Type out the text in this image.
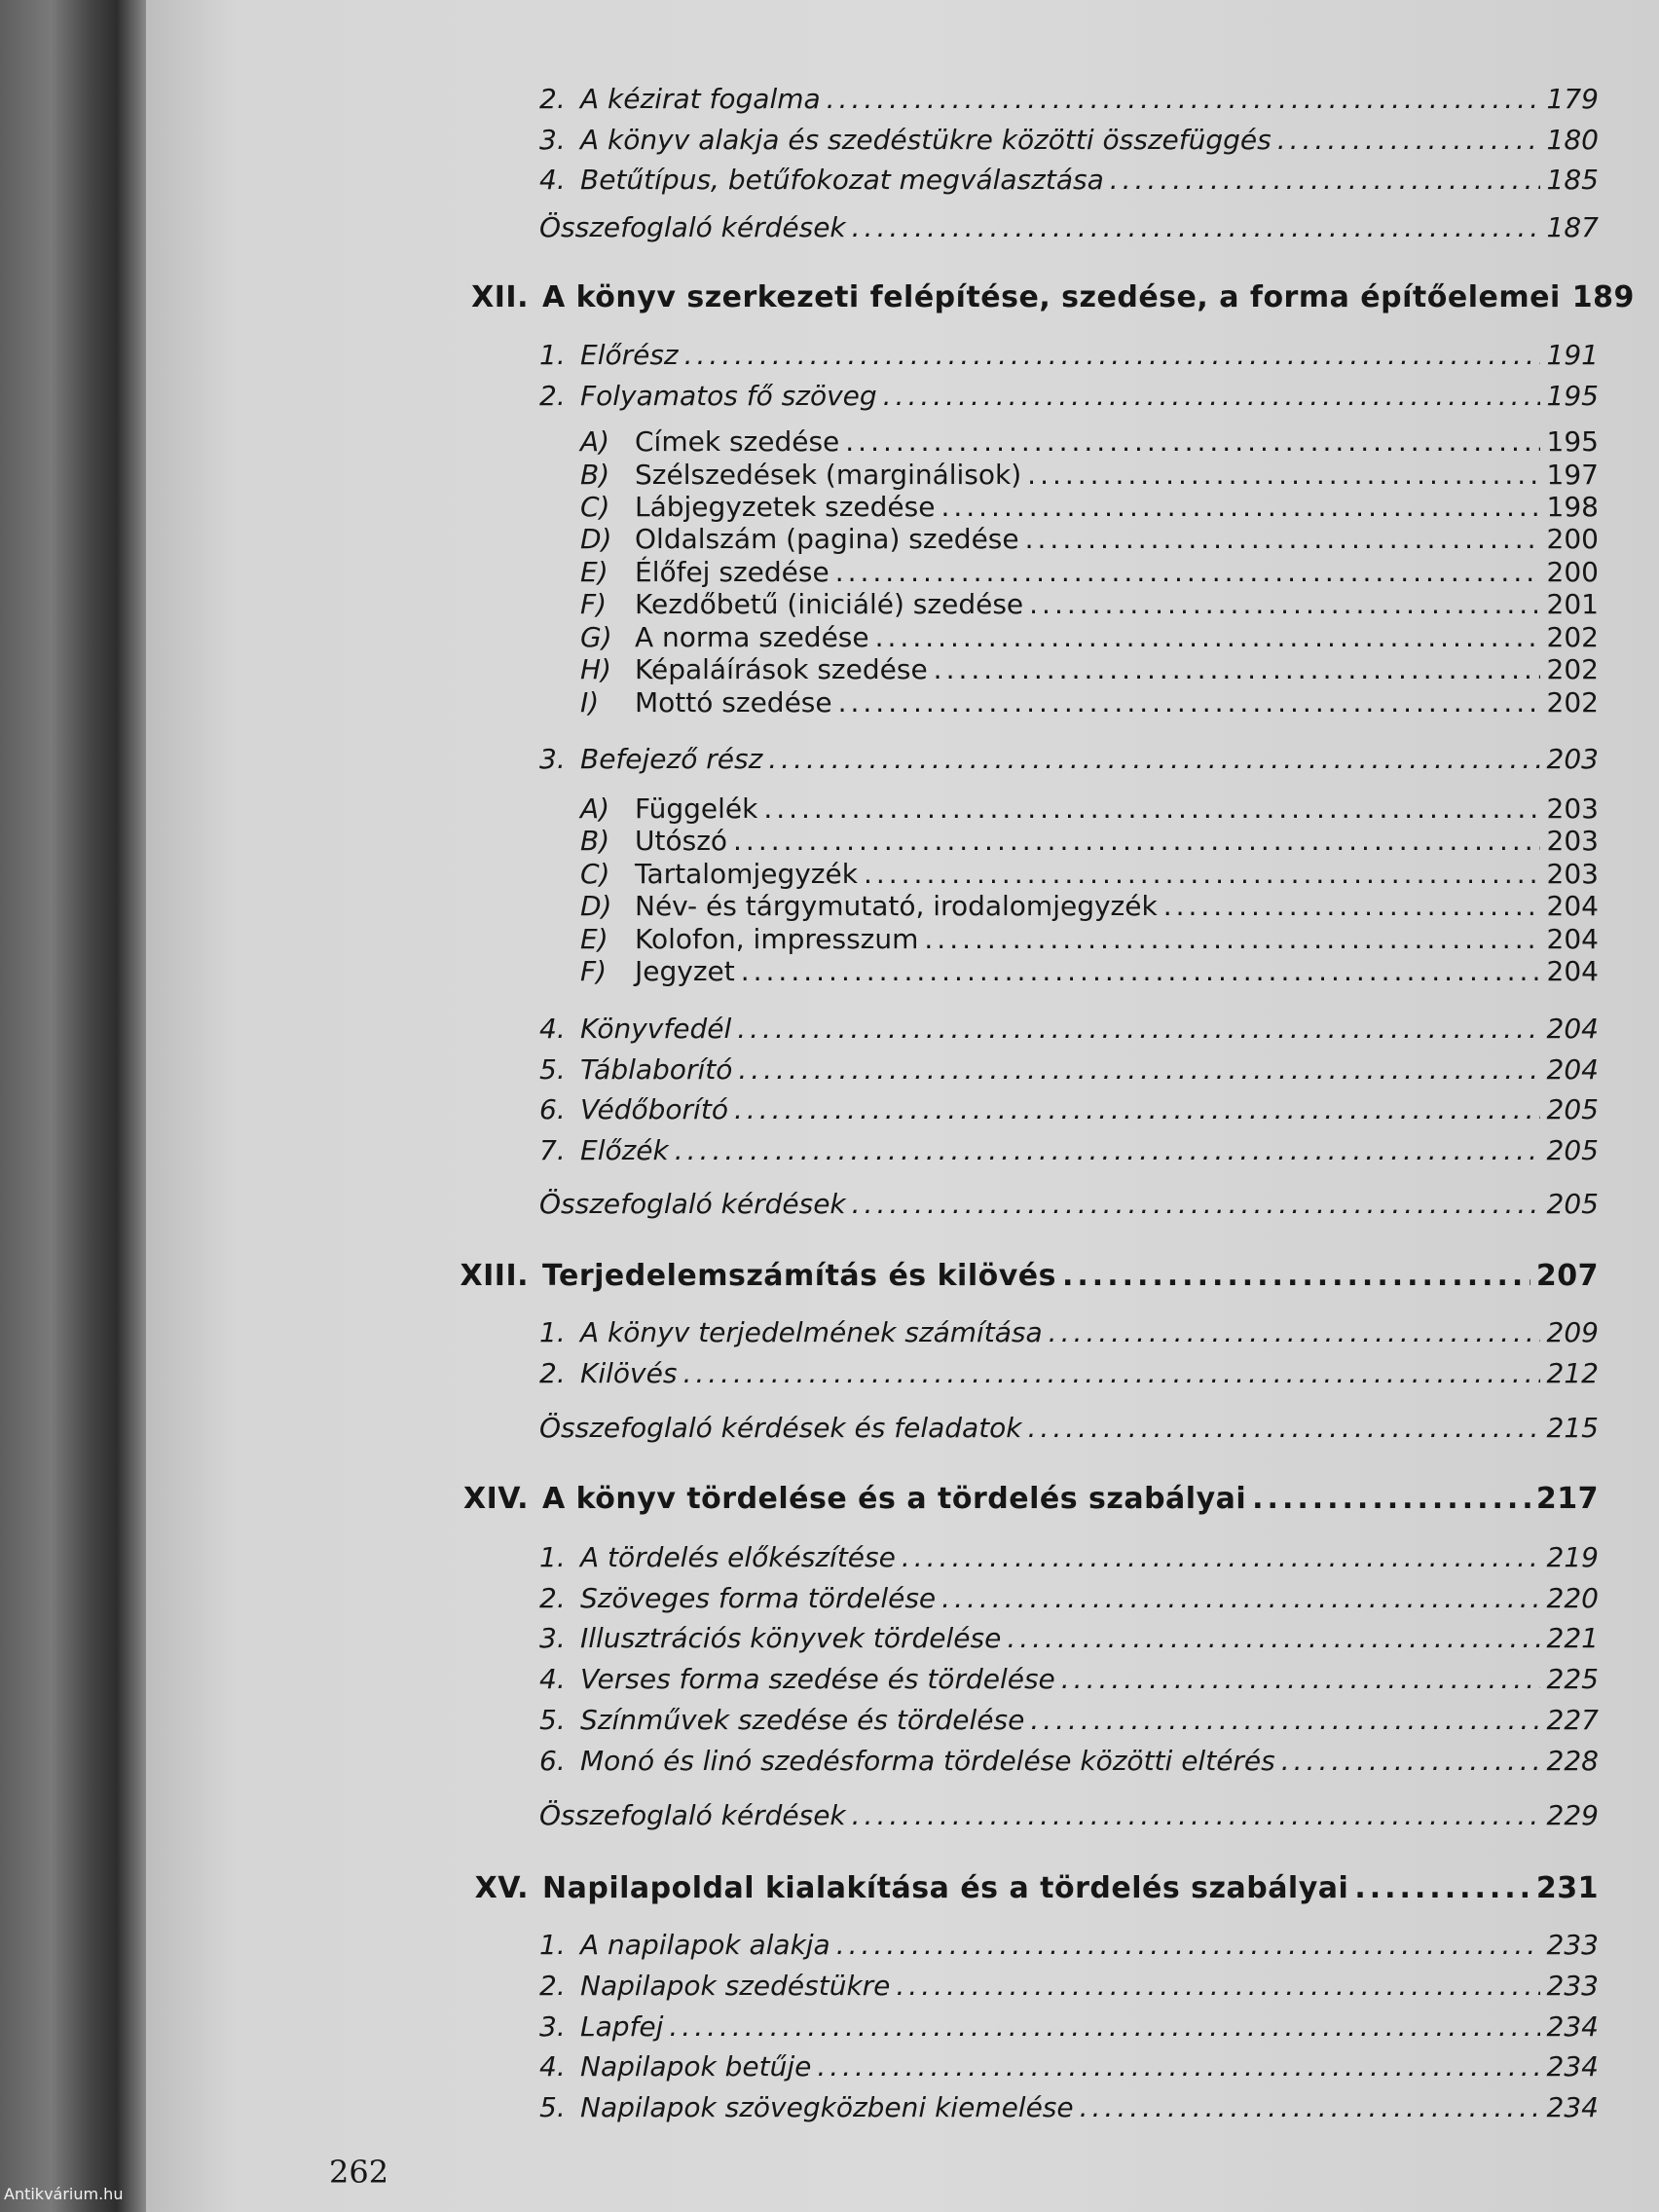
2. A kézirat fogalma .....	179
3. A könyv alakja és szedéstükre közötti összefüggés .....	180
4. Betűtípus, betűfokozat megválasztása .....	185
Összefoglaló kérdések .....	187
XII. A könyv szerkezeti felépítése, szedése, a forma építőelemei 189
1. Előrész .....	191
2. Folyamatos fő szöveg .....	195
A) Címek szedése .....	195
B) Szélszedések (marginálisok) .....	197
C) Lábjegyzetek szedése .....	198
D) Oldalszám (pagina) szedése .....	200
E) Élőfej szedése .....	200
F)	Kezdőbetű (iniciálé) szedése .....	201
G) A norma szedése .....	202
H) Képaláírások szedése .....	202
I)	Mottó szedése .....	202
3. Befejező rész .....	203
A) Függelék .....	203
B) Utószó .....	203
C) Tartalomjegyzék .....	203
D) Név- és tárgymutató, irodalomjegyzék .....	204
E) Kolofon, impresszum .....	204
F)	Jegyzet .....	204
4. Könyvfedél .....	204
5. Táblaborító .....	204
6. Védőborító .....	205
7. Előzék .....	205
Összefoglaló kérdések .....	205
XIII. Terjedelemszámítás és kilövés .....	207
1. A könyv terjedelmének számítása .....	209
2. Kilövés .....	212
Összefoglaló kérdések és feladatok .....	215
XIV. A könyv tördelése és a tördelés szabályai .....	217
1. A tördelés előkészítése .....	219
2. Szöveges forma tördelése .....	220
3. Illusztrációs könyvek tördelése .....	221
4. Verses forma szedése és tördelése .....	225
5. Színművek szedése és tördelése .....	227
6. Monó és linó szedésforma tördelése közötti eltérés .....	228
Összefoglaló kérdések .....	229
XV. Napilapoldal kialakítása és a tördelés szabályai .....	231
1. A napilapok alakja .....	233
2. Napilapok szedéstükre .....	233
3. Lapfej .....	234
4. Napilapok betűje .....	234
5. Napilapok szövegközbeni kiemelése .....	234
262
Antikvárium.hu
